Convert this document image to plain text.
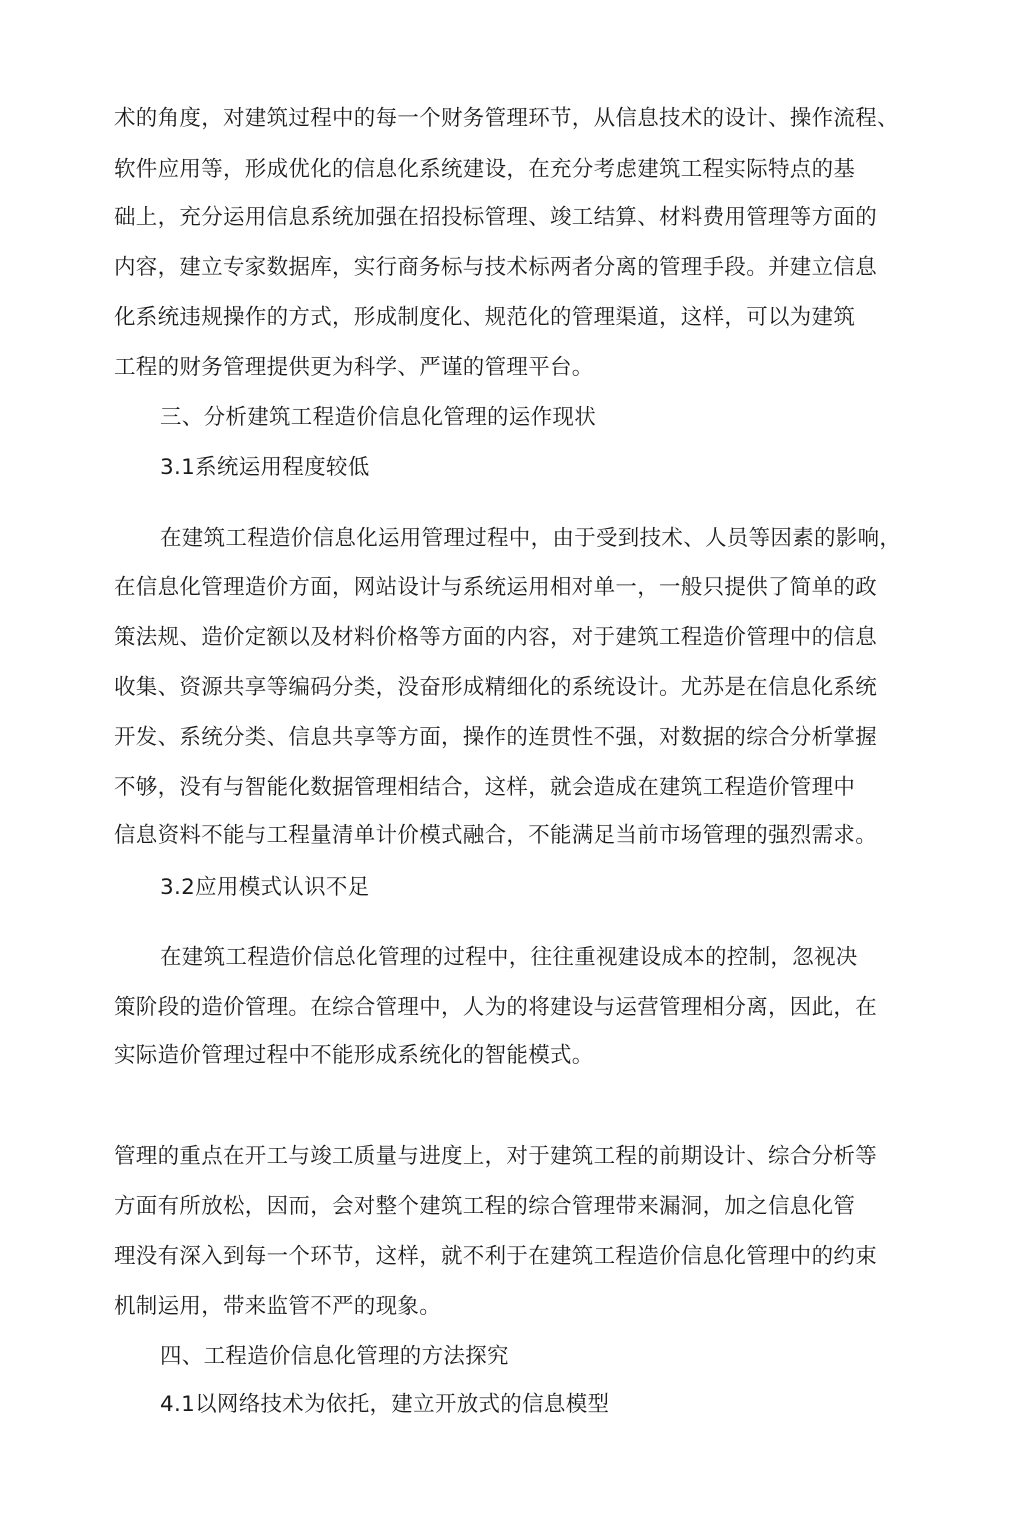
术的角度，对建筑过程中的每一个财务管理环节，从信息技术的设计、操作流程、
软件应用等，形成优化的信息化系统建设，在充分考虑建筑工程实际特点的基
础上，充分运用信息系统加强在招投标管理、竣工结算、材料费用管理等方面的
内容，建立专家数据库，实行商务标与技术标两者分离的管理手段。并建立信息
化系统违规操作的方式，形成制度化、规范化的管理渠道，这样，可以为建筑
工程的财务管理提供更为科学、严谨的管理平台。
三、分析建筑工程造价信息化管理的运作现状
3.1系统运用程度较低
在建筑工程造价信息化运用管理过程中，由于受到技术、人员等因素的影响，
在信息化管理造价方面，网站设计与系统运用相对单一，一般只提供了简单的政
策法规、造价定额以及材料价格等方面的内容，对于建筑工程造价管理中的信息
收集、资源共享等编码分类，没奋形成精细化的系统设计。尤苏是在信息化系统
开发、系统分类、信息共享等方面，操作的连贯性不强，对数据的综合分析掌握
不够，没有与智能化数据管理相结合，这样，就会造成在建筑工程造价管理中
信息资料不能与工程量清单计价模式融合，不能满足当前市场管理的强烈需求。
3.2应用模式认识不足
在建筑工程造价信总化管理的过程中，往往重视建设成本的控制，忽视决
策阶段的造价管理。在综合管理中，人为的将建设与运营管理相分离，因此，在
实际造价管理过程中不能形成系统化的智能模式。
管理的重点在开工与竣工质量与进度上，对于建筑工程的前期设计、综合分析等
方面有所放松，因而，会对整个建筑工程的综合管理带来漏洞，加之信息化管
理没有深入到每一个环节，这样，就不利于在建筑工程造价信息化管理中的约束
机制运用，带来监管不严的现象。
四、工程造价信息化管理的方法探究
4.1以网络技术为依托，建立开放式的信息模型
